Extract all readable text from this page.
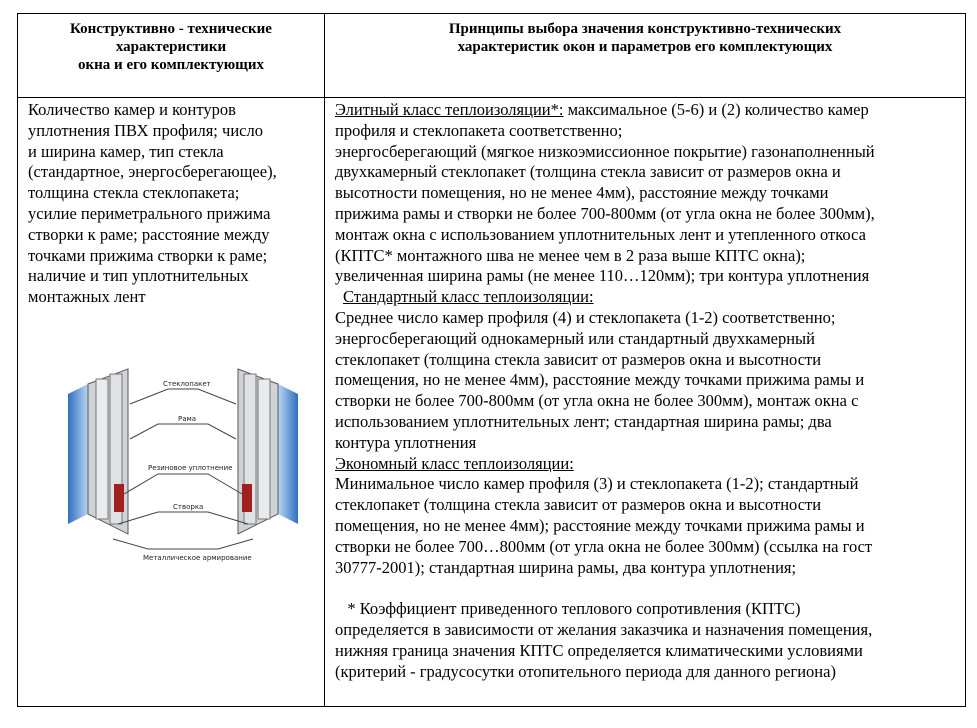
Конструктивно - технические
характеристики
окна и его комплектующих
Принципы выбора значения конструктивно-технических
характеристик окон и параметров его комплектующих
Количество камер и контуров
уплотнения ПВХ профиля; число
и ширина камер, тип стекла
(стандартное, энергосберегающее),
толщина стекла стеклопакета;
усилие периметрального прижима
створки к раме; расстояние между
точками прижима створки к раме;
наличие и тип уплотнительных
монтажных лент
Стеклопакет
Рама
Резиновое уплотнение
Створка
Металлическое армирование
Элитный класс теплоизоляции*: максимальное (5-6) и (2) количество камер
профиля и стеклопакета соответственно;
энергосберегающий (мягкое низкоэмиссионное покрытие) газонаполненный
двухкамерный стеклопакет (толщина стекла зависит от размеров окна и
высотности помещения, но не менее 4мм), расстояние между точками
прижима рамы и створки не более 700-800мм (от угла окна не более 300мм),
монтаж окна с использованием уплотнительных лент и утепленного откоса
(КПТС* монтажного шва не менее чем в 2 раза выше КПТС окна);
увеличенная ширина рамы (не менее 110…120мм); три контура уплотнения
Стандартный класс теплоизоляции:
Среднее число камер профиля (4) и стеклопакета (1-2) соответственно;
энергосберегающий однокамерный или стандартный двухкамерный
стеклопакет (толщина стекла зависит от размеров окна и высотности
помещения, но не менее 4мм), расстояние между точками прижима рамы и
створки не более 700-800мм (от угла окна не более 300мм), монтаж окна с
использованием уплотнительных лент; стандартная ширина рамы; два
контура уплотнения
Экономный класс теплоизоляции:
Минимальное число камер профиля (3) и стеклопакета (1-2); стандартный
стеклопакет (толщина стекла зависит от размеров окна и высотности
помещения, но не менее 4мм); расстояние между точками прижима рамы и
створки не более 700…800мм (от угла окна не более 300мм) (ссылка на гост
30777-2001); стандартная ширина рамы, два контура уплотнения;
* Коэффициент приведенного теплового сопротивления (КПТС)
определяется в зависимости от желания заказчика и назначения помещения,
нижняя граница значения КПТС определяется климатическими условиями
(критерий - градусосутки отопительного периода для данного региона)
